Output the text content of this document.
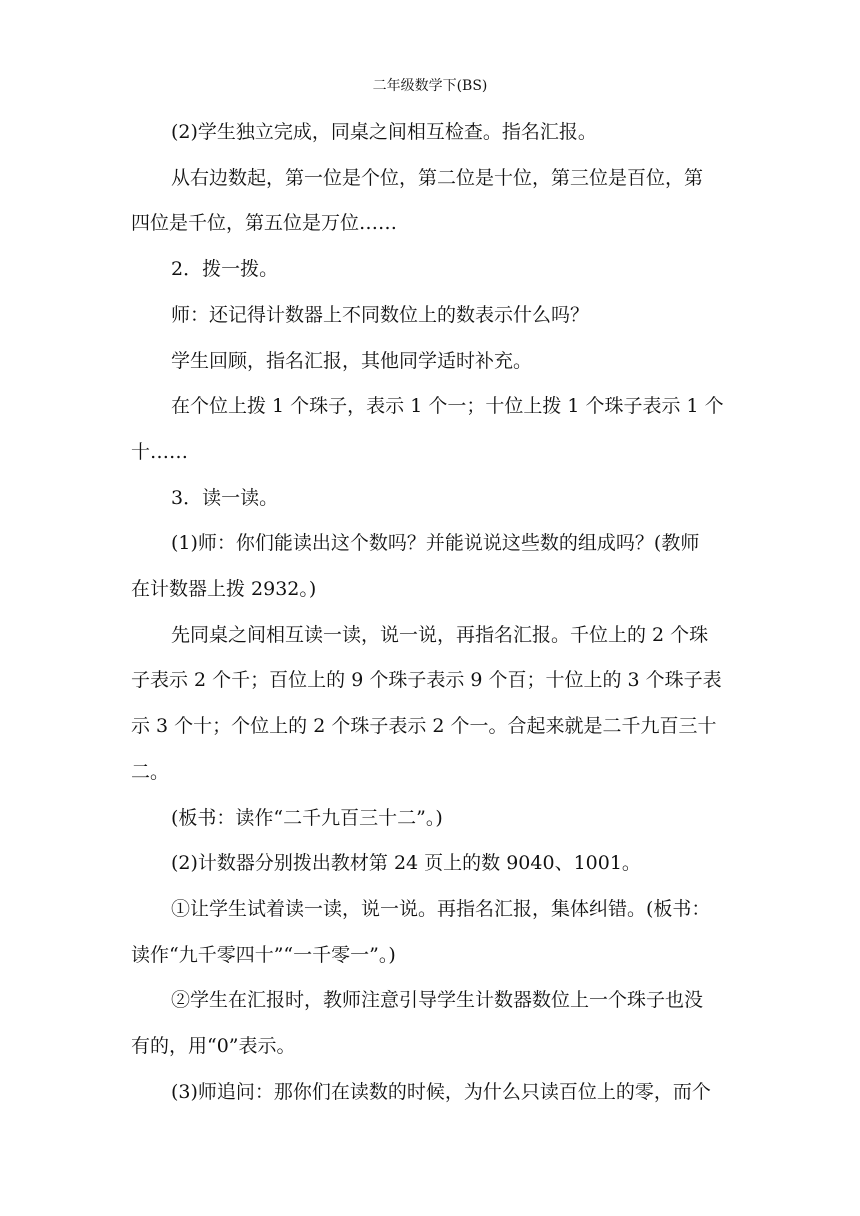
二年级数学下(BS)
(2)学生独立完成，同桌之间相互检查。指名汇报。
从右边数起，第一位是个位，第二位是十位，第三位是百位，第
四位是千位，第五位是万位……
2．拨一拨。
师：还记得计数器上不同数位上的数表示什么吗？
学生回顾，指名汇报，其他同学适时补充。
在个位上拨 1 个珠子，表示 1 个一；十位上拨 1 个珠子表示 1 个
十……
3．读一读。
(1)师：你们能读出这个数吗？并能说说这些数的组成吗？(教师
在计数器上拨 2932。)
先同桌之间相互读一读，说一说，再指名汇报。千位上的 2 个珠
子表示 2 个千；百位上的 9 个珠子表示 9 个百；十位上的 3 个珠子表
示 3 个十；个位上的 2 个珠子表示 2 个一。合起来就是二千九百三十
二。
(板书：读作“二千九百三十二”。)
(2)计数器分别拨出教材第 24 页上的数 9040、1001。
①让学生试着读一读，说一说。再指名汇报，集体纠错。(板书：
读作“九千零四十”“一千零一”。)
②学生在汇报时，教师注意引导学生计数器数位上一个珠子也没
有的，用“0”表示。
(3)师追问：那你们在读数的时候，为什么只读百位上的零，而个
